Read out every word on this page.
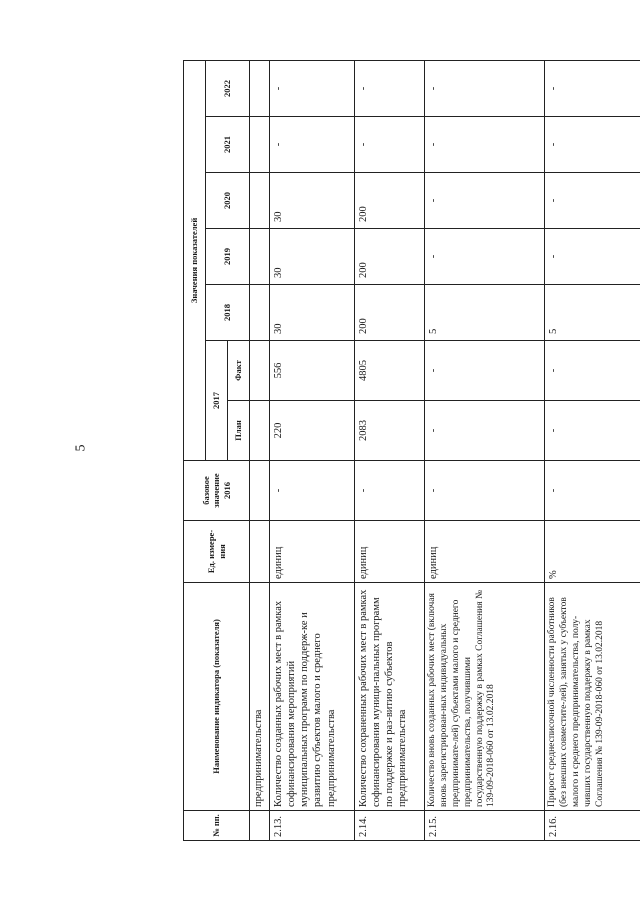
5
№ пп.	Наименование индикатора (показателя)	Ед. измере-ния	базовое значение 2016	Значения показателей						
				2017		2018	2019	2020	2021	2022

				План	Факт					
	предпринимательства									
2.13.	Количество созданных рабочих мест в рамках софинансирования мероприятий муниципальных программ по поддерж-ке и развитию субъектов малого и среднего предпринимательства	единиц	-	220	556	30	30	30	-	-
2.14.	Количество сохраненных рабочих мест в рамках софинансирования муници-пальных программ по поддержке и раз-витию субъектов предпринимательства	единиц	-	2083	4805	200	200	200	-	-
2.15.	Количество вновь созданных рабочих мест (включая вновь зарегистрирован-ных индивидуальных предпринимате-лей) субъектами малого и среднего предпринимательства, получившими государственную поддержку в рамках Соглашения № 139-09-2018-060 от 13.02.2018	единиц	-	-	-	5	-	-	-	-
2.16.	Прирост среднесписочной численности работников (без внешних совместите-лей), занятых у субъектов малого и среднего предпринимательства, полу-чивших государственную поддержку в рамках Соглашения № 139-09-2018-060 от 13.02.2018	%	-	-	-	5	-	-	-	-
